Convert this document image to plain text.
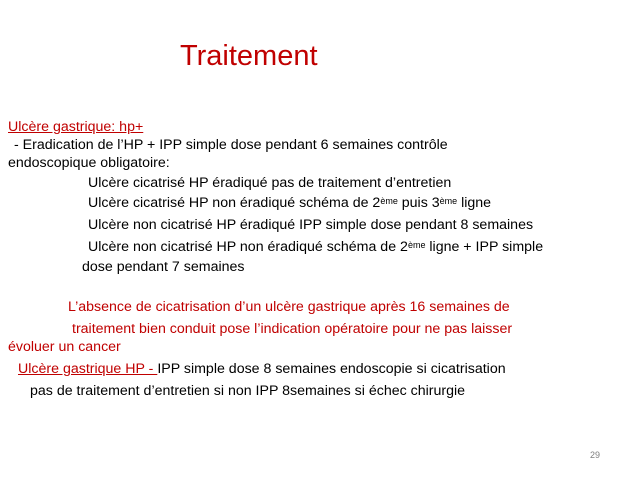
Traitement
Ulcère gastrique: hp+
- Eradication de l’HP + IPP simple dose pendant 6 semaines contrôle
endoscopique obligatoire:
Ulcère cicatrisé HP éradiqué pas de traitement d’entretien
Ulcère cicatrisé HP non éradiqué schéma de 2ème puis 3ème ligne
Ulcère non cicatrisé HP éradiqué IPP simple dose pendant 8 semaines
Ulcère non cicatrisé HP non éradiqué schéma de 2ème ligne + IPP simple
dose pendant 7 semaines
L’absence de cicatrisation d’un ulcère gastrique après 16 semaines de
traitement bien conduit pose l’indication opératoire pour ne pas laisser
évoluer un cancer
Ulcère gastrique HP - IPP simple dose 8 semaines endoscopie si cicatrisation
pas de traitement d’entretien si non IPP 8semaines si échec chirurgie
29
